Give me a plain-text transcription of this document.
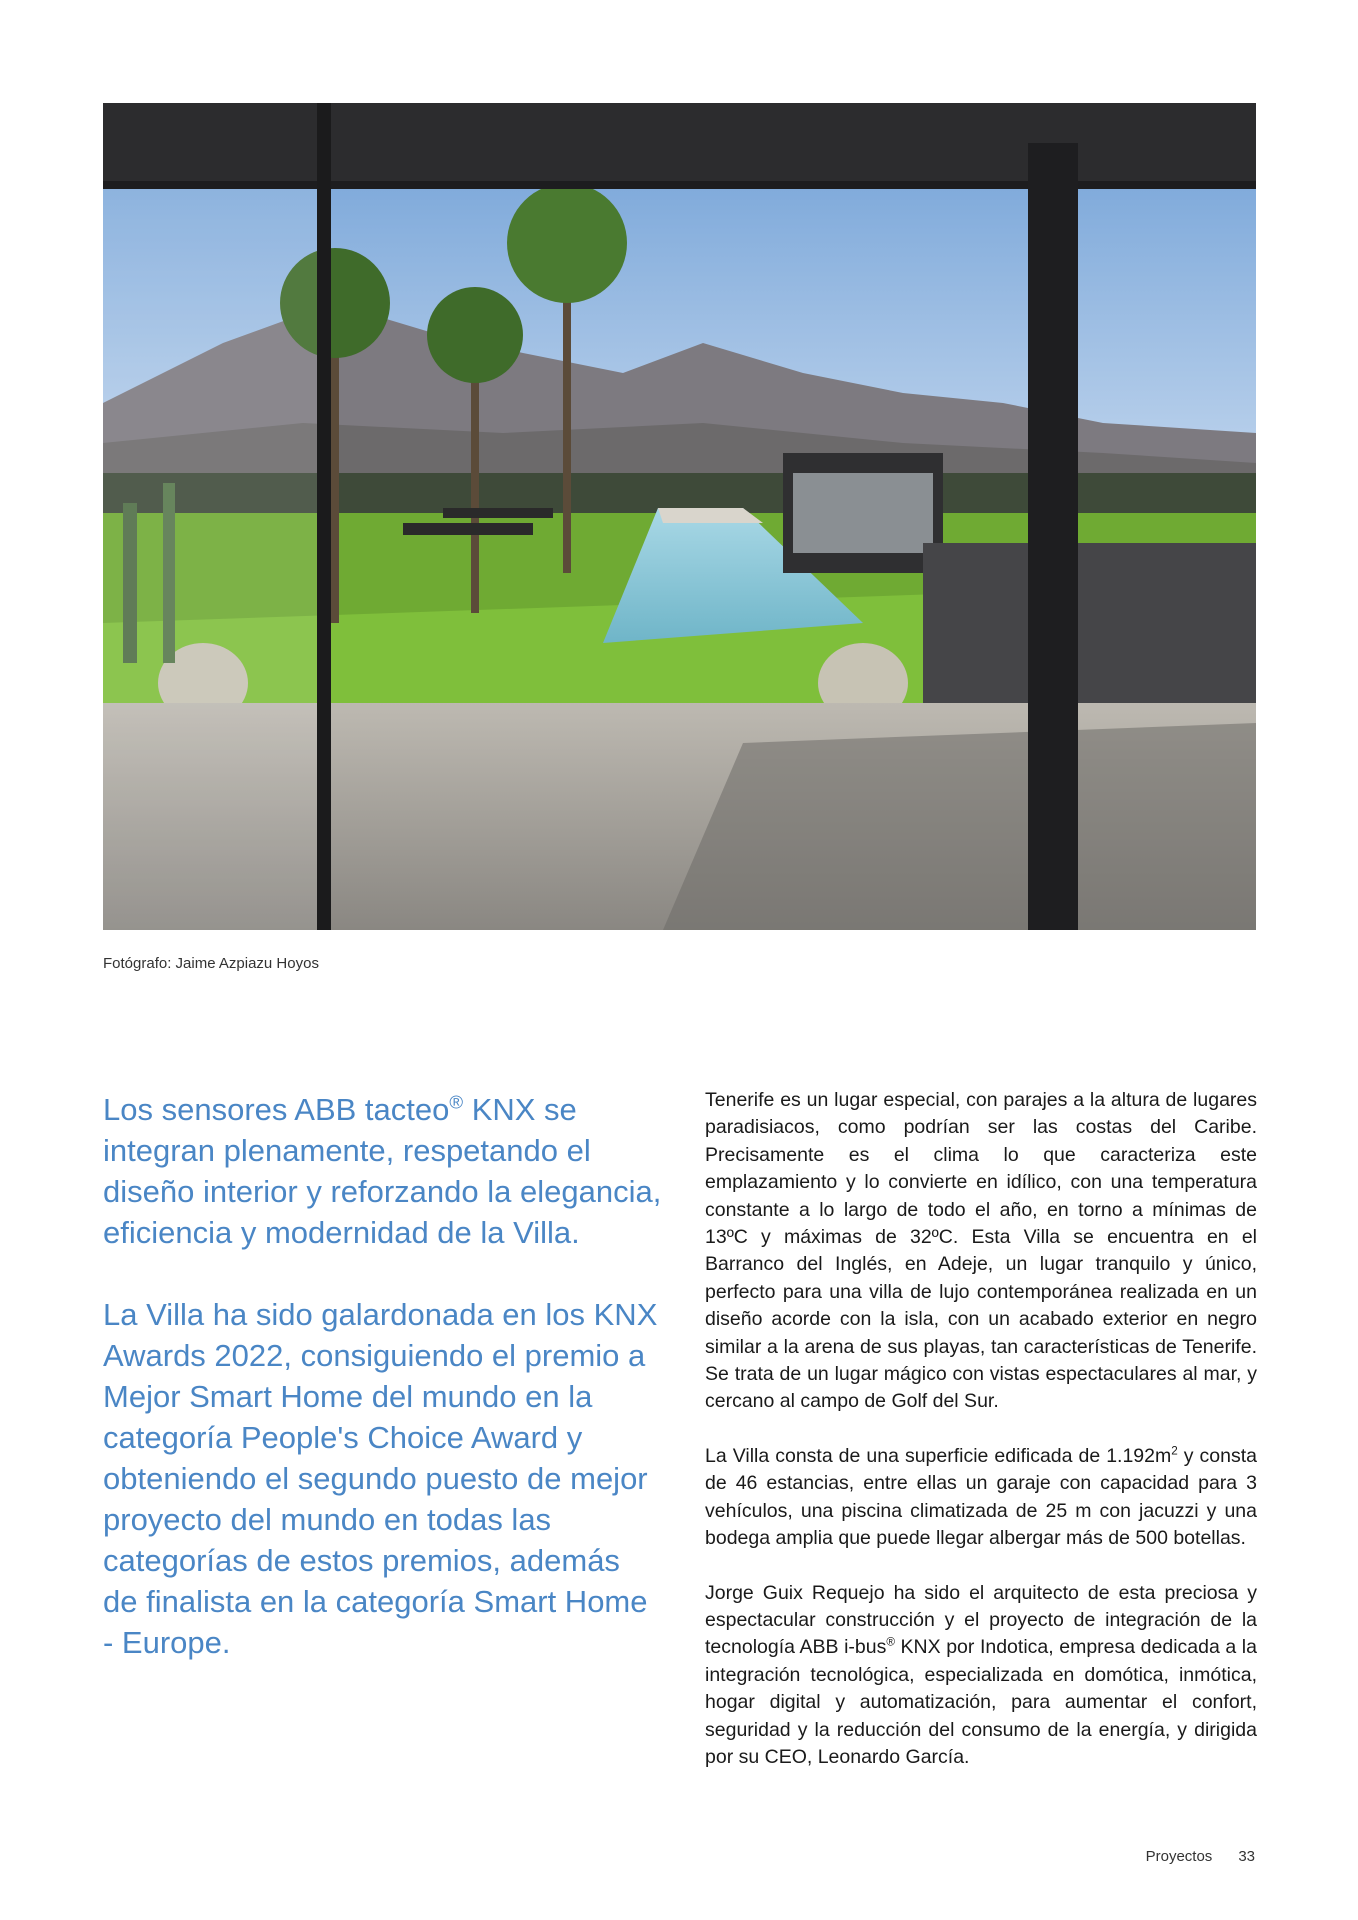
Fotógrafo: Jaime Azpiazu Hoyos

Los sensores ABB tacteo® KNX se integran plenamente, respetando el diseño interior y reforzando la elegancia, eficiencia y modernidad de la Villa.

La Villa ha sido galardonada en los KNX Awards 2022, consiguiendo el premio a Mejor Smart Home del mundo en la categoría People's Choice Award y obteniendo el segundo puesto de mejor proyecto del mundo en todas las categorías de estos premios, además de finalista en la categoría Smart Home - Europe.

Tenerife es un lugar especial, con parajes a la altura de lugares paradisiacos, como podrían ser las costas del Caribe. Precisamente es el clima lo que caracteriza este emplazamiento y lo convierte en idílico, con una temperatura constante a lo largo de todo el año, en torno a mínimas de 13ºC y máximas de 32ºC. Esta Villa se encuentra en el Barranco del Inglés, en Adeje, un lugar tranquilo y único, perfecto para una villa de lujo contemporánea realizada en un diseño acorde con la isla, con un acabado exterior en negro similar a la arena de sus playas, tan características de Tenerife. Se trata de un lugar mágico con vistas espectaculares al mar, y cercano al campo de Golf del Sur.

La Villa consta de una superficie edificada de $1.192m^2$ y consta de 46 estancias, entre ellas un garaje con capacidad para 3 vehículos, una piscina climatizada de 25 m con jacuzzi y una bodega amplia que puede llegar albergar más de 500 botellas.

Jorge Guix Requejo ha sido el arquitecto de esta preciosa y espectacular construcción y el proyecto de integración de la tecnología ABB i-bus® KNX por Indotica, empresa dedicada a la integración tecnológica, especializada en domótica, inmótica, hogar digital y automatización, para aumentar el confort, seguridad y la reducción del consumo de la energía, y dirigida por su CEO, Leonardo García.

Proyectos 33
